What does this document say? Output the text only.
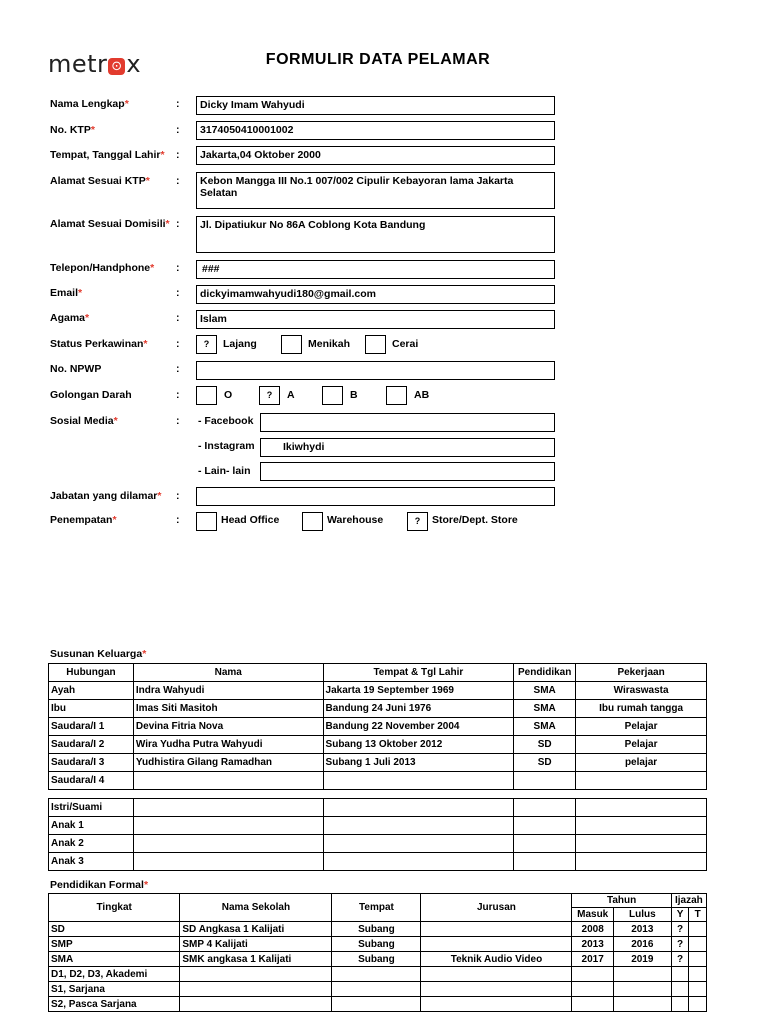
metr ⊙ x	FORMULIR DATA PELAMAR
Nama Lengkap*	:	Dicky Imam Wahyudi
No. KTP*	:	3174050410001002
Tempat, Tanggal Lahir* :	Jakarta,04 Oktober 2000
Alamat Sesuai KTP* :	Kebon Mangga III No.1 007/002 Cipulir Kebayoran lama Jakarta Selatan
Alamat Sesuai Domisili* :	Jl. Dipatiukur No 86A Coblong Kota Bandung
Telepon/Handphone* :	###
Email*	:	dickyimamwahyudi180@gmail.com
Agama*	:	Islam
Status Perkawinan*	:	?	Lajang	Menikah	Cerai
No. NPWP	:
Golongan Darah	:	O	?	A	B	AB
Sosial Media*	: - Facebook
- Instagram	Ikiwhydi
- Lain- lain
Jabatan yang dilamar* :
Penempatan*	:	Head Office	Warehouse	?	Store/Dept. Store
Susunan Keluarga*
Hubungan	Nama	Tempat & Tgl Lahir	Pendidikan	Pekerjaan
Ayah	Indra Wahyudi	Jakarta 19 September 1969	SMA	Wiraswasta
Ibu	Imas Siti Masitoh	Bandung 24 Juni 1976	SMA	Ibu rumah tangga
Saudara/I 1	Devina Fitria Nova	Bandung 22 November 2004	SMA	Pelajar
Saudara/I 2	Wira Yudha Putra Wahyudi	Subang 13 Oktober 2012	SD	Pelajar
Saudara/I 3	Yudhistira Gilang Ramadhan	Subang 1 Juli 2013	SD	pelajar
Saudara/I 4				
Istri/Suami				
Anak 1				
Anak 2				
Anak 3				
Pendidikan Formal*
Tingkat	Nama Sekolah	Tempat	Jurusan	Tahun		Ijazah	
				Masuk	Lulus	Y	T
SD	SD Angkasa 1 Kalijati	Subang		2008	2013	?	
SMP	SMP 4 Kalijati	Subang		2013	2016	?	
SMA	SMK angkasa 1 Kalijati	Subang	Teknik Audio Video	2017	2019	?	
D1, D2, D3, Akademi							
S1, Sarjana							
S2, Pasca Sarjana							
